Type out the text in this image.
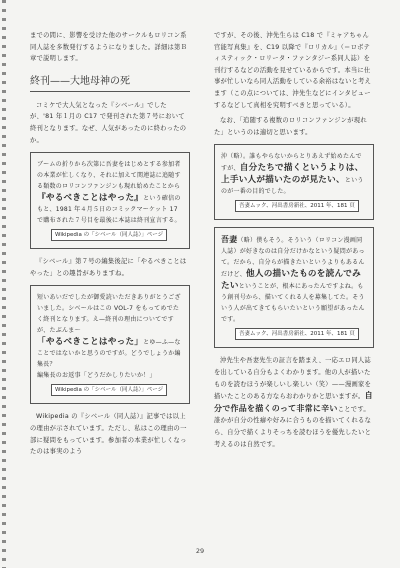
までの間に、影響を受けた他のサークルもロリコン系同人誌を多数発行するようになりました。詳細は第Ｂ章で説明します。

終刊——大地母神の死

コミケで大人気となった『シベール』でしたが、'81 年１月の C17 で発刊された第７号において終刊となります。なぜ、人気があったのに終わったのか。

ブームの折りから次第に吾妻をはじめとする参加者の本業が忙しくなり、それに加えて関連誌に追随する類数のロリコンファンジンも現れ始めたことから『やるべきことはやった』という確信のもと、1981 年４月５日のコミックマーケット 17 で購布された７号目を最後に本誌は終刊宣言する。

Wikipedia の「シベール（同人誌）」ページ

『シベール』第７号の編集後記に「やるべきことはやった」との趣旨がありますね。

短いあいだでしたが御愛読いただきありがとうございました。シベールはこの VOL-7 をもってめでたく終刊となります。え—終刊の理由についてですが、たぶんま～「やるべきことはやった」とゆ—ふ—なことではないかと思うのですが。どうでしょうか編集長？

編集長のお返事「どうだかしりたいか！」

Wikipedia の「シベール（同人誌）」ページ

Wikipedia の『シベール（同人誌）』記事では以上の理由が示されています。ただし、私はこの理由の一部に疑問をもっています。参加者の本業が忙しくなったのは事実のよう

ですが、その後、沖先生らは C18 で『ミャアちゃん官能写真集』を、C19 以降で『ロリカル』（＝ロボティスティック・ロリータ・ファンタジー系同人誌）を刊行するなどの活動を見せているからです。本当に仕事が忙しいなら同人活動をしている余裕はないと考えます（この点については、沖先生などにインタビューするなどして真相を究明すべきと思っている）。

なお、「追随する複数のロリコンファンジンが現れた」というのは適切と思います。

沖（略）。誰もやらないからとりあえず始めたんですが、自分たちで描くというよりは、上手い人が描いたのが見たい、というのが一番の目的でした。

吾妻ムック、河出書房新社、2011 年、181 頁

吾妻（略）僕もそう。そういう（ロリコン漫画同人誌）が好きなのは自分だけかなという疑問があって。だから、自分らが描きたいというよりもあるんだけど、他人の描いたものを読んでみたいということが、根本にあったんですよね。もう創刊号から、描いてくれる人を募集してた。そういう人が出てきてもらいたいという願望があったんです。

吾妻ムック、河出書房新社、2011 年、181 頁

沖先生や吾妻先生の証言を踏まえ、一応エロ同人誌を出している自分もよくわかります。他の人が描いたものを読むほうが楽しいし楽しい（笑）——漫画家を描いたことのある方ならおわかりかと思いますが。自分で作品を描くのって非常に辛いことです。誰かが自分の性癖や好みに合うものを描いてくれるなら、自分で描くよりそっちを読むほうを優先したいと考えるのは自然です。

29
